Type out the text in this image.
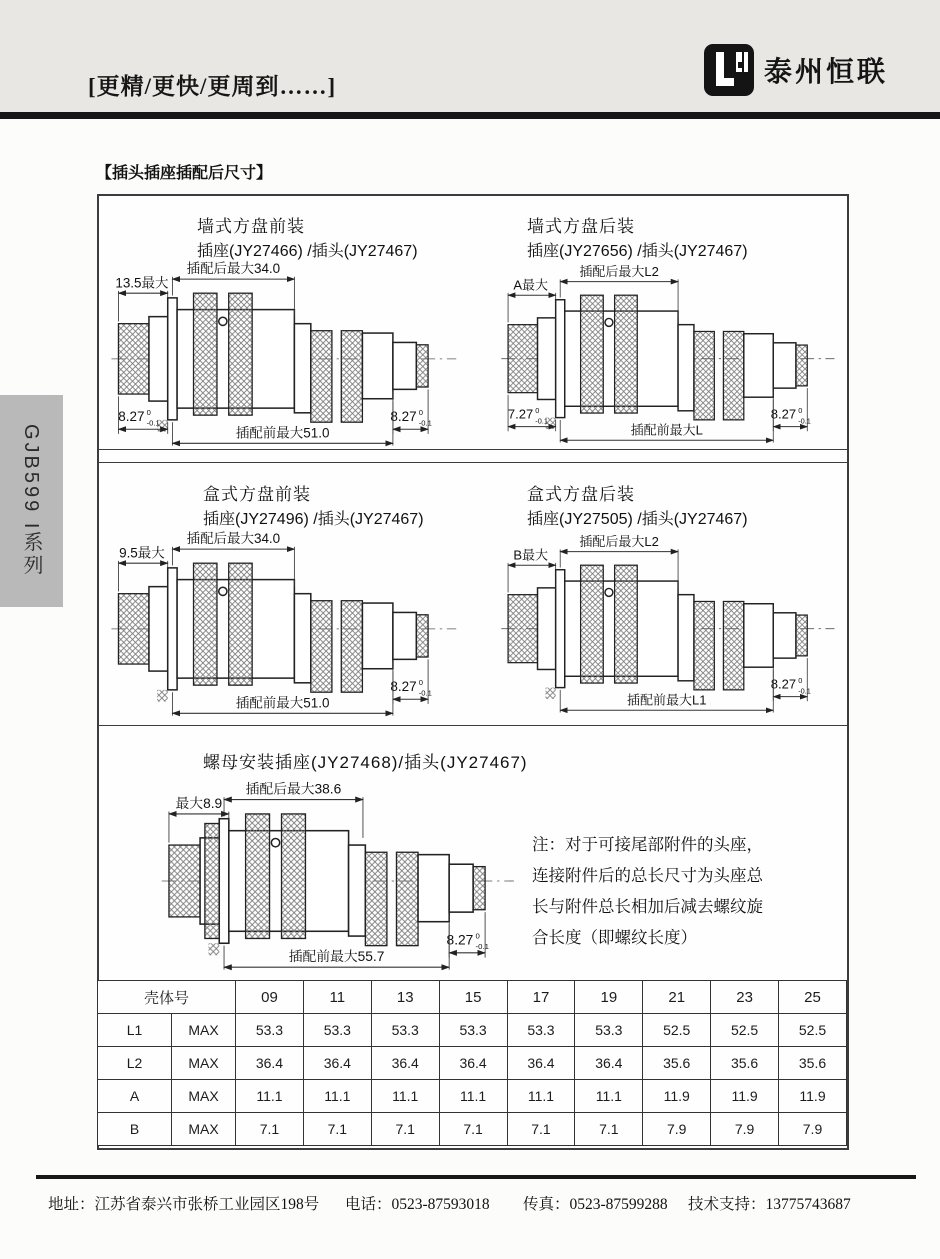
[更精/更快/更周到……]	泰州恒联
GJB599 I系列
【插头插座插配后尺寸】
墙式方盘前装
插座(JY27466) /插头(JY27467)
插配后最大34.0
13.5最大
8.27 0
-0.1	8.27 0
-0.1
插配前最大51.0
墙式方盘后装
插座(JY27656) /插头(JY27467)
插配后最大L2
A最大
7.27 0
-0.1	8.27 0
-0.1
插配前最大L
盒式方盘前装
插座(JY27496) /插头(JY27467)
插配后最大34.0
9.5最大
8.27 0
-0.1
插配前最大51.0
盒式方盘后装
插座(JY27505) /插头(JY27467)
插配后最大L2
B最大
8.27 0
-0.1
插配前最大L1
螺母安装插座(JY27468)/插头(JY27467)
插配后最大38.6
最大8.9
8.27 0
-0.1
插配前最大55.7
注：对于可接尾部附件的头座，
连接附件后的总长尺寸为头座总
长与附件总长相加后减去螺纹旋
合长度（即螺纹长度）
壳体号		09	11	13	15	17	19	21	23	25
L1	MAX	53.3	53.3	53.3	53.3	53.3	53.3	52.5	52.5	52.5
L2	MAX	36.4	36.4	36.4	36.4	36.4	36.4	35.6	35.6	35.6
A	MAX	11.1	11.1	11.1	11.1	11.1	11.1	11.9	11.9	11.9
B	MAX	7.1	7.1	7.1	7.1	7.1	7.1	7.9	7.9	7.9
地址：江苏省泰兴市张桥工业园区198号 电话：0523-87593018 传真：0523-87599288 技术支持：13775743687
